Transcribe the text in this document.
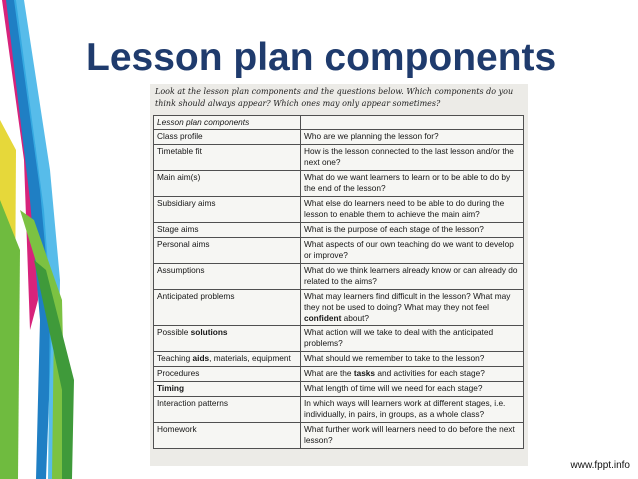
Lesson plan components

Look at the lesson plan components and the questions below. Which components do you think should always appear? Which ones may only appear sometimes?

Lesson plan components	
Class profile	Who are we planning the lesson for?
Timetable fit	How is the lesson connected to the last lesson and/or the next one?
Main aim(s)	What do we want learners to learn or to be able to do by the end of the lesson?
Subsidiary aims	What else do learners need to be able to do during the lesson to enable them to achieve the main aim?
Stage aims	What is the purpose of each stage of the lesson?
Personal aims	What aspects of our own teaching do we want to develop or improve?
Assumptions	What do we think learners already know or can already do related to the aims?
Anticipated problems	What may learners find difficult in the lesson? What may they not be used to doing? What may they not feel confident about?
Possible solutions	What action will we take to deal with the anticipated problems?
Teaching aids, materials, equipment	What should we remember to take to the lesson?
Procedures	What are the tasks and activities for each stage?
Timing	What length of time will we need for each stage?
Interaction patterns	In which ways will learners work at different stages, i.e. individually, in pairs, in groups, as a whole class?
Homework	What further work will learners need to do before the next lesson?
www.fppt.info
